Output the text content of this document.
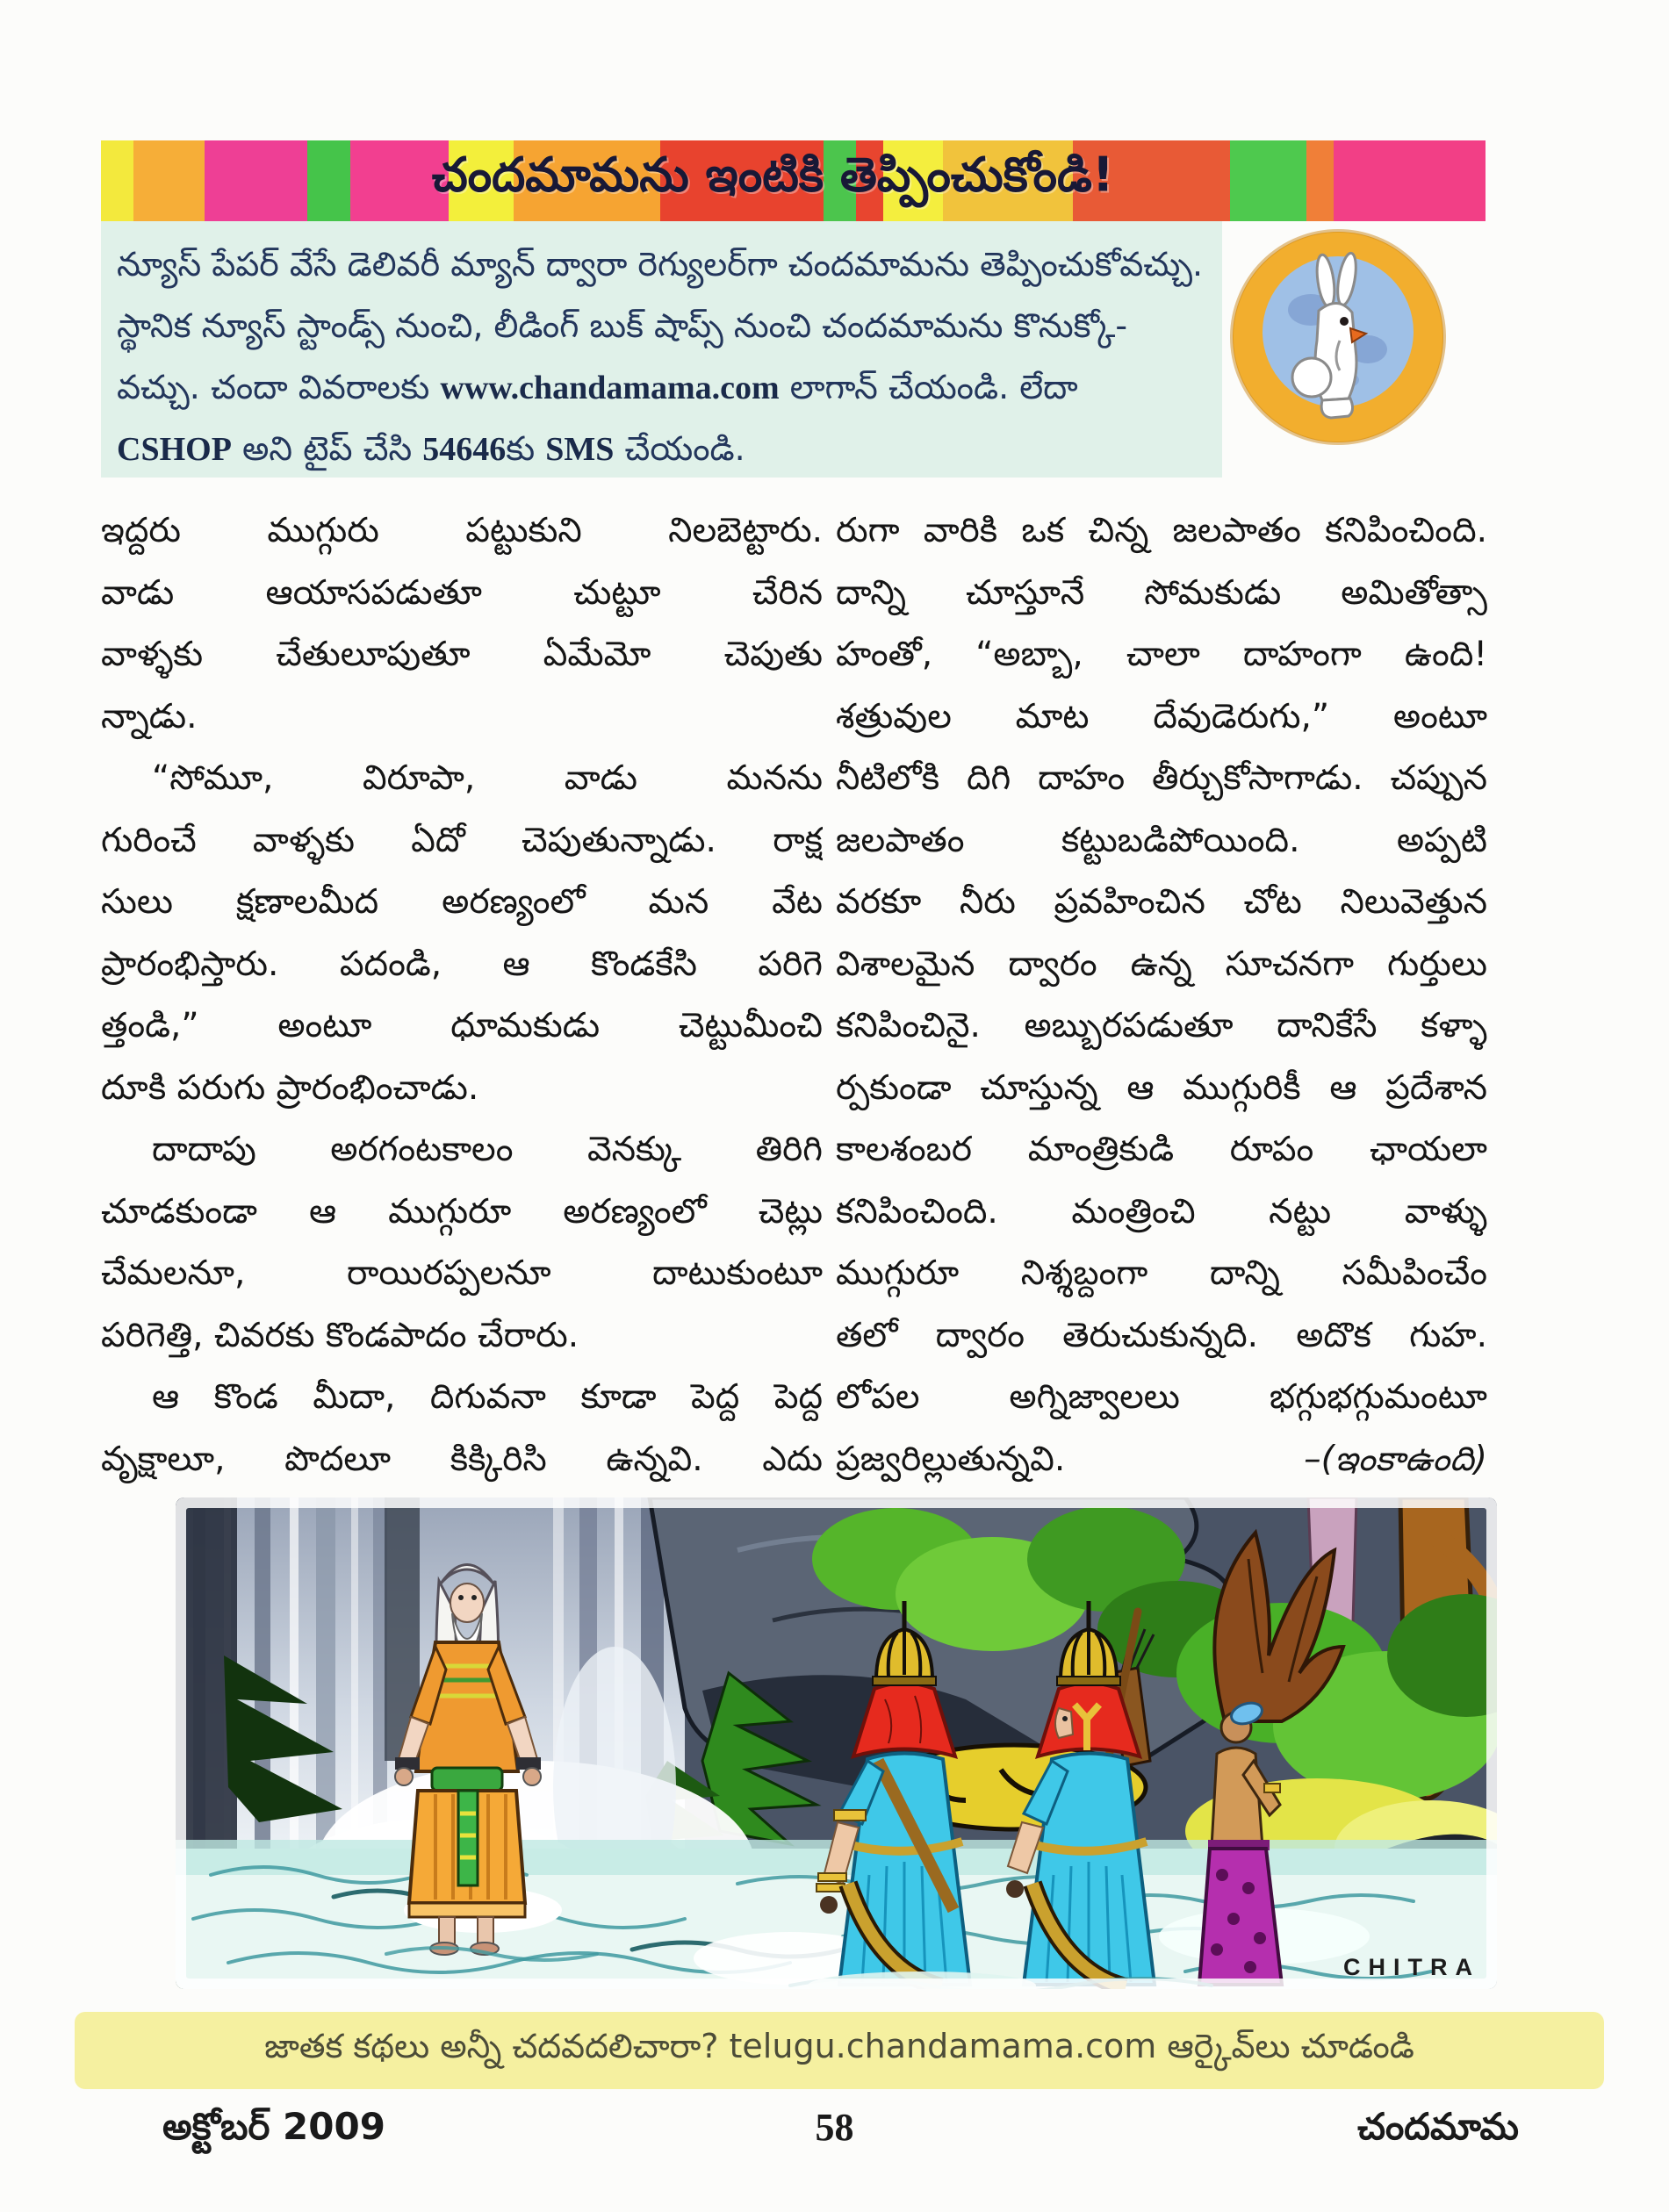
చందమామను ఇంటికి తెప్పించుకోండి!
న్యూస్ పేపర్ వేసే డెలివరీ మ్యాన్ ద్వారా రెగ్యులర్‌గా చందమామను తెప్పించుకోవచ్చు.
స్థానిక న్యూస్ స్టాండ్స్ నుంచి, లీడింగ్ బుక్ షాప్స్ నుంచి చందమామను కొనుక్కో-
వచ్చు. చందా వివరాలకు www.chandamama.com లాగాన్ చేయండి. లేదా
CSHOP అని టైప్ చేసి 54646కు SMS చేయండి.
ఇద్దరు ముగ్గురు పట్టుకుని నిలబెట్టారు.
వాడు ఆయాసపడుతూ చుట్టూ చేరిన
వాళ్ళకు చేతులూపుతూ ఏమేమో చెపుతు
న్నాడు.
“సోమూ, విరూపా, వాడు మనను
గురించే వాళ్ళకు ఏదో చెపుతున్నాడు. రాక్ష
సులు క్షణాలమీద అరణ్యంలో మన వేట
ప్రారంభిస్తారు. పదండి, ఆ కొండకేసి పరిగె
త్తండి,” అంటూ ధూమకుడు చెట్టుమీంచి
దూకి పరుగు ప్రారంభించాడు.
దాదాపు అరగంటకాలం వెనక్కు తిరిగి
చూడకుండా ఆ ముగ్గురూ అరణ్యంలో చెట్లు
చేమలనూ, రాయిరప్పలనూ దాటుకుంటూ
పరిగెత్తి, చివరకు కొండపాదం చేరారు.
ఆ కొండ మీదా, దిగువనా కూడా పెద్ద పెద్ద
వృక్షాలూ, పొదలూ కిక్కిరిసి ఉన్నవి. ఎదు
రుగా వారికి ఒక చిన్న జలపాతం కనిపించింది.
దాన్ని చూస్తూనే సోమకుడు అమితోత్సా
హంతో, “అబ్బా, చాలా దాహంగా ఉంది!
శత్రువుల మాట దేవుడెరుగు,” అంటూ
నీటిలోకి దిగి దాహం తీర్చుకోసాగాడు. చప్పున
జలపాతం కట్టుబడిపోయింది. అప్పటి
వరకూ నీరు ప్రవహించిన చోట నిలువెత్తున
విశాలమైన ద్వారం ఉన్న సూచనగా గుర్తులు
కనిపించినై. అబ్బురపడుతూ దానికేసే కళ్ళా
ర్పకుండా చూస్తున్న ఆ ముగ్గురికీ ఆ ప్రదేశాన
కాలశంబర మాంత్రికుడి రూపం ఛాయలా
కనిపించింది. మంత్రించి నట్టు వాళ్ళు
ముగ్గురూ నిశ్శబ్దంగా దాన్ని సమీపించేం
తలో ద్వారం తెరుచుకున్నది. అదొక గుహ.
లోపల అగ్నిజ్వాలలు భగ్గుభగ్గుమంటూ
ప్రజ్వరిల్లుతున్నవి.	–(ఇంకాఉంది)
CHITRA
జాతక కథలు అన్నీ చదవదలిచారా? telugu.chandamama.com ఆర్కైవ్‌లు చూడండి
అక్టోబర్ 2009	58	చందమామ
